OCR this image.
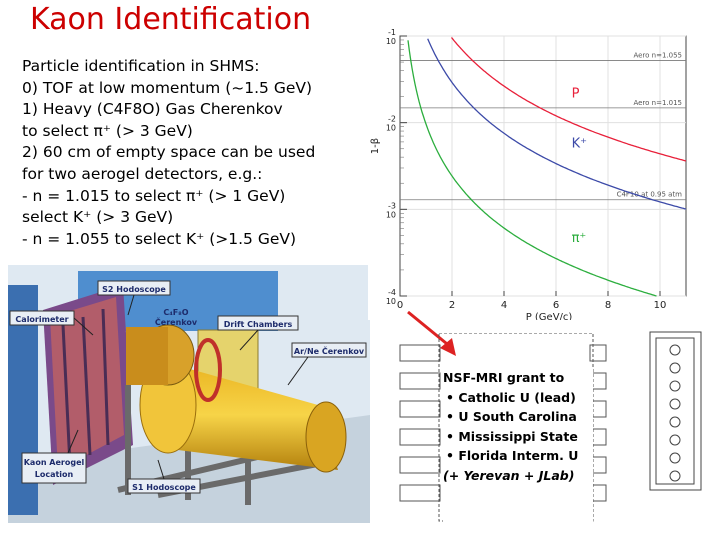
Kaon Identification
Particle identification in SHMS:
0) TOF at low momentum (~1.5 GeV)
1) Heavy (C4F8O) Gas Cherenkov
to select π⁺ (> 3 GeV)
2) 60 cm of empty space can be used
for two aerogel detectors, e.g.:
- n = 1.015 to select π⁺ (> 1 GeV)
select K⁺ (> 3 GeV)
- n = 1.055 to select K⁺ (>1.5 GeV)
S2 Hodoscope
Calorimeter
C₄F₈O
Čerenkov	Drift Chambers
Ar/Ne Čerenkov
Kaon Aerogel
Location
S1 Hodoscope
Aero n=1.055
Aero n=1.015
C4F10 at 0.95 atm
P
K⁺
π⁺
0	2	4	6	8	10
10
-1
10
-2
10
-3
10
-4
P (GeV/c)
1-β
NSF-MRI grant to
• Catholic U (lead)
• U South Carolina
• Mississippi State
• Florida Interm. U
(+ Yerevan + JLab)
